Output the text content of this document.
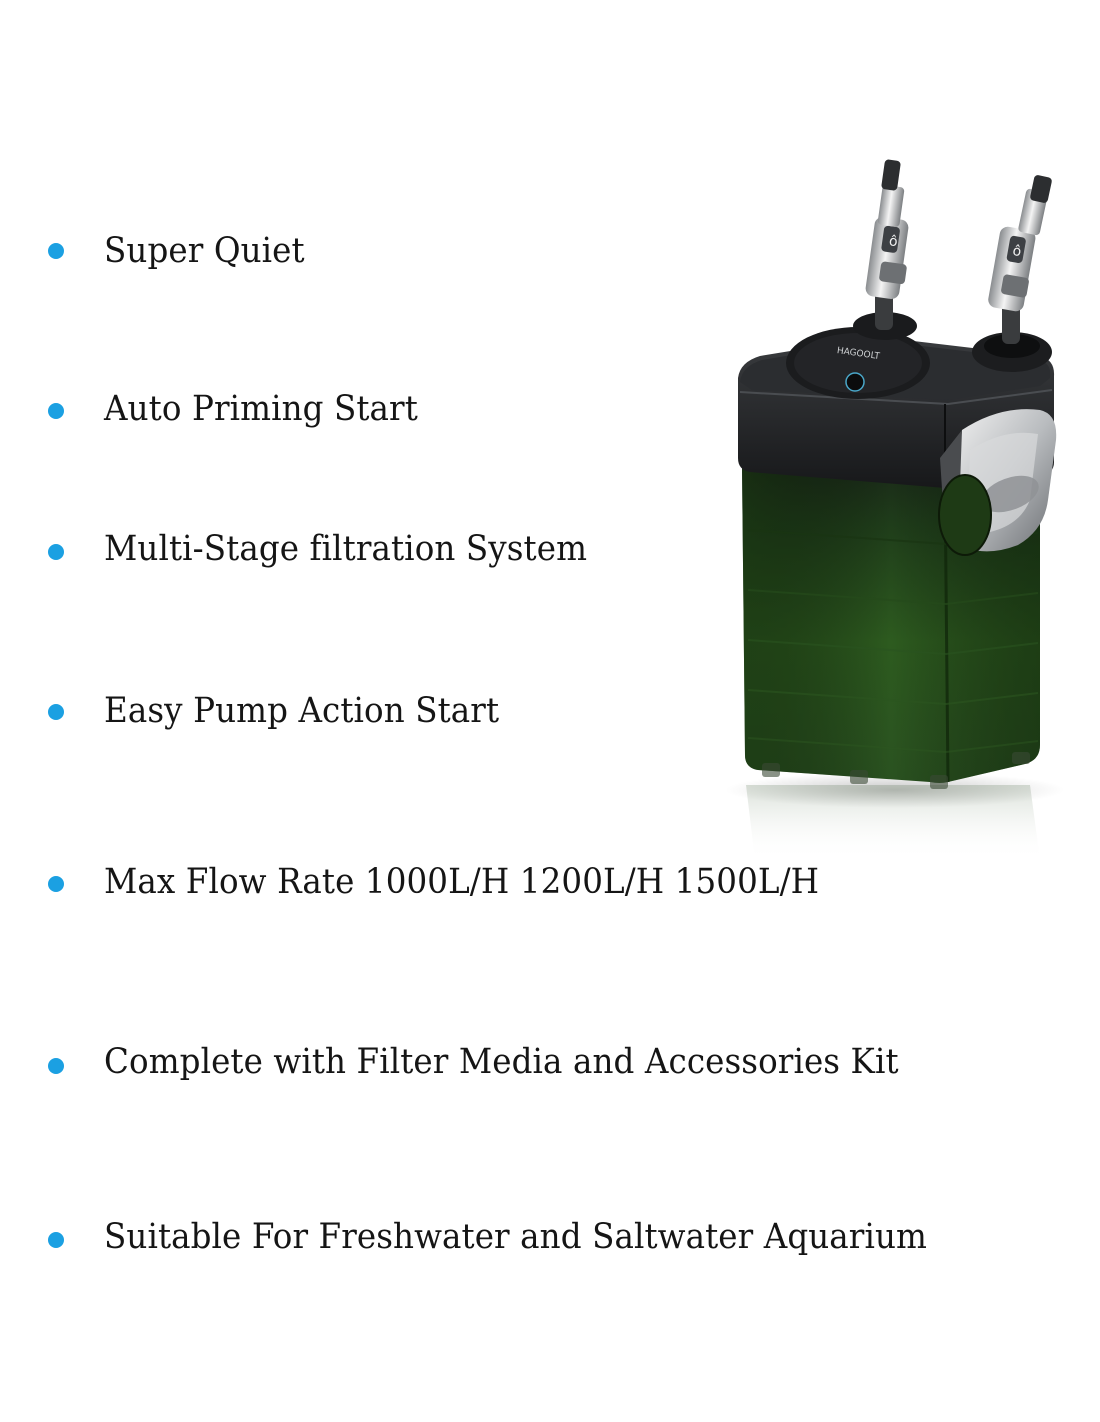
Super Quiet
Auto Priming Start
Multi-Stage filtration System
Easy Pump Action Start
Max Flow Rate 1000L/H 1200L/H 1500L/H
Complete with Filter Media and Accessories Kit
Suitable For Freshwater and Saltwater Aquarium
HAGOOLT
ô
ô
